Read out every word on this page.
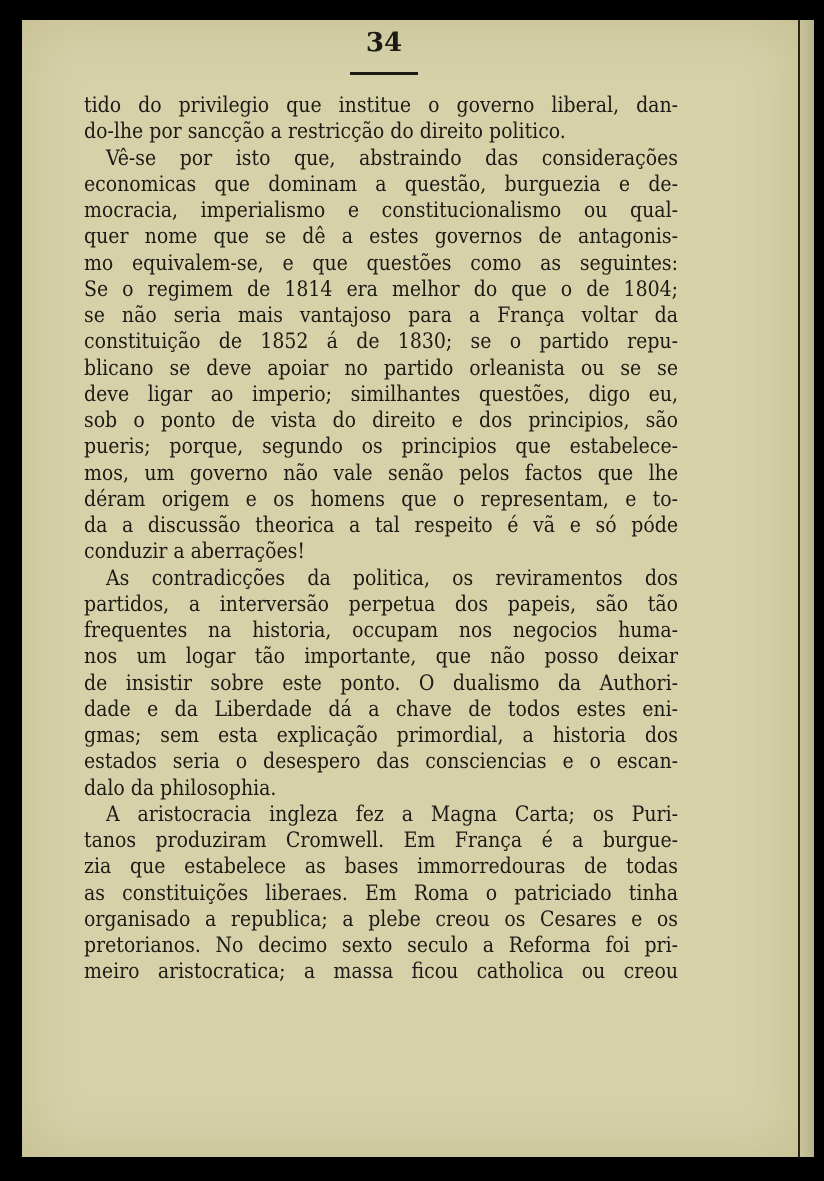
34
tido do privilegio que institue o governo liberal, dan-
do-lhe por sancção a restricção do direito politico.
Vê-se por isto que, abstraindo das considerações
economicas que dominam a questão, burguezia e de-
mocracia, imperialismo e constitucionalismo ou qual-
quer nome que se dê a estes governos de antagonis-
mo equivalem-se, e que questões como as seguintes:
Se o regimem de 1814 era melhor do que o de 1804;
se não seria mais vantajoso para a França voltar da
constituição de 1852 á de 1830; se o partido repu-
blicano se deve apoiar no partido orleanista ou se se
deve ligar ao imperio; similhantes questões, digo eu,
sob o ponto de vista do direito e dos principios, são
pueris; porque, segundo os principios que estabelece-
mos, um governo não vale senão pelos factos que lhe
déram origem e os homens que o representam, e to-
da a discussão theorica a tal respeito é vã e só póde
conduzir a aberrações!
As contradicções da politica, os reviramentos dos
partidos, a interversão perpetua dos papeis, são tão
frequentes na historia, occupam nos negocios huma-
nos um logar tão importante, que não posso deixar
de insistir sobre este ponto. O dualismo da Authori-
dade e da Liberdade dá a chave de todos estes eni-
gmas; sem esta explicação primordial, a historia dos
estados seria o desespero das consciencias e o escan-
dalo da philosophia.
A aristocracia ingleza fez a Magna Carta; os Puri-
tanos produziram Cromwell. Em França é a burgue-
zia que estabelece as bases immorredouras de todas
as constituições liberaes. Em Roma o patriciado tinha
organisado a republica; a plebe creou os Cesares e os
pretorianos. No decimo sexto seculo a Reforma foi pri-
meiro aristocratica; a massa ficou catholica ou creou
